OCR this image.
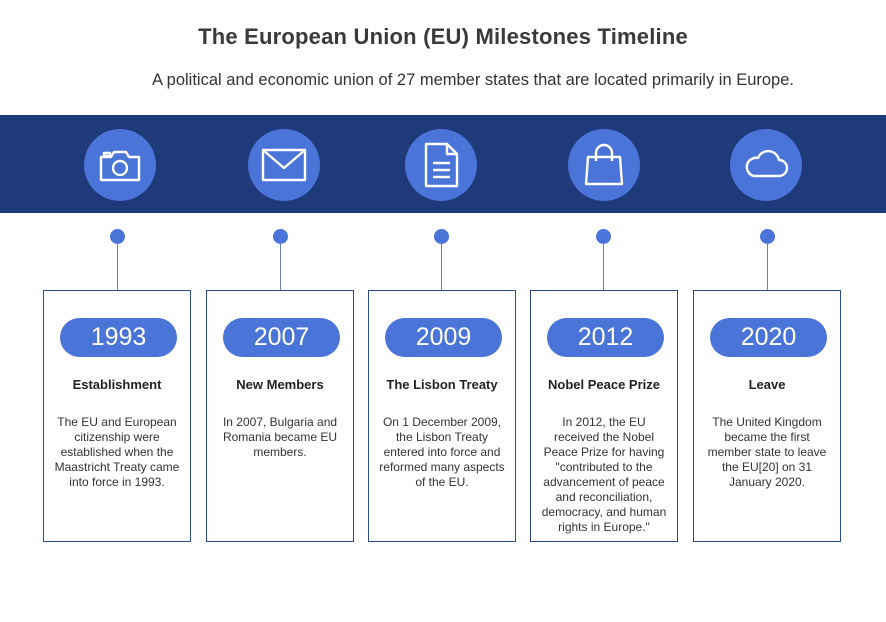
The European Union (EU) Milestones Timeline
A political and economic union of 27 member states that are located primarily in Europe.
1993
Establishment
The EU and European citizenship were established when the Maastricht Treaty came into force in 1993.
2007
New Members
In 2007, Bulgaria and Romania became EU members.
2009
The Lisbon Treaty
On 1 December 2009, the Lisbon Treaty entered into force and reformed many aspects of the EU.
2012
Nobel Peace Prize
In 2012, the EU received the Nobel Peace Prize for having "contributed to the advancement of peace and reconciliation, democracy, and human rights in Europe."
2020
Leave
The United Kingdom became the first member state to leave the EU[20] on 31 January 2020.
